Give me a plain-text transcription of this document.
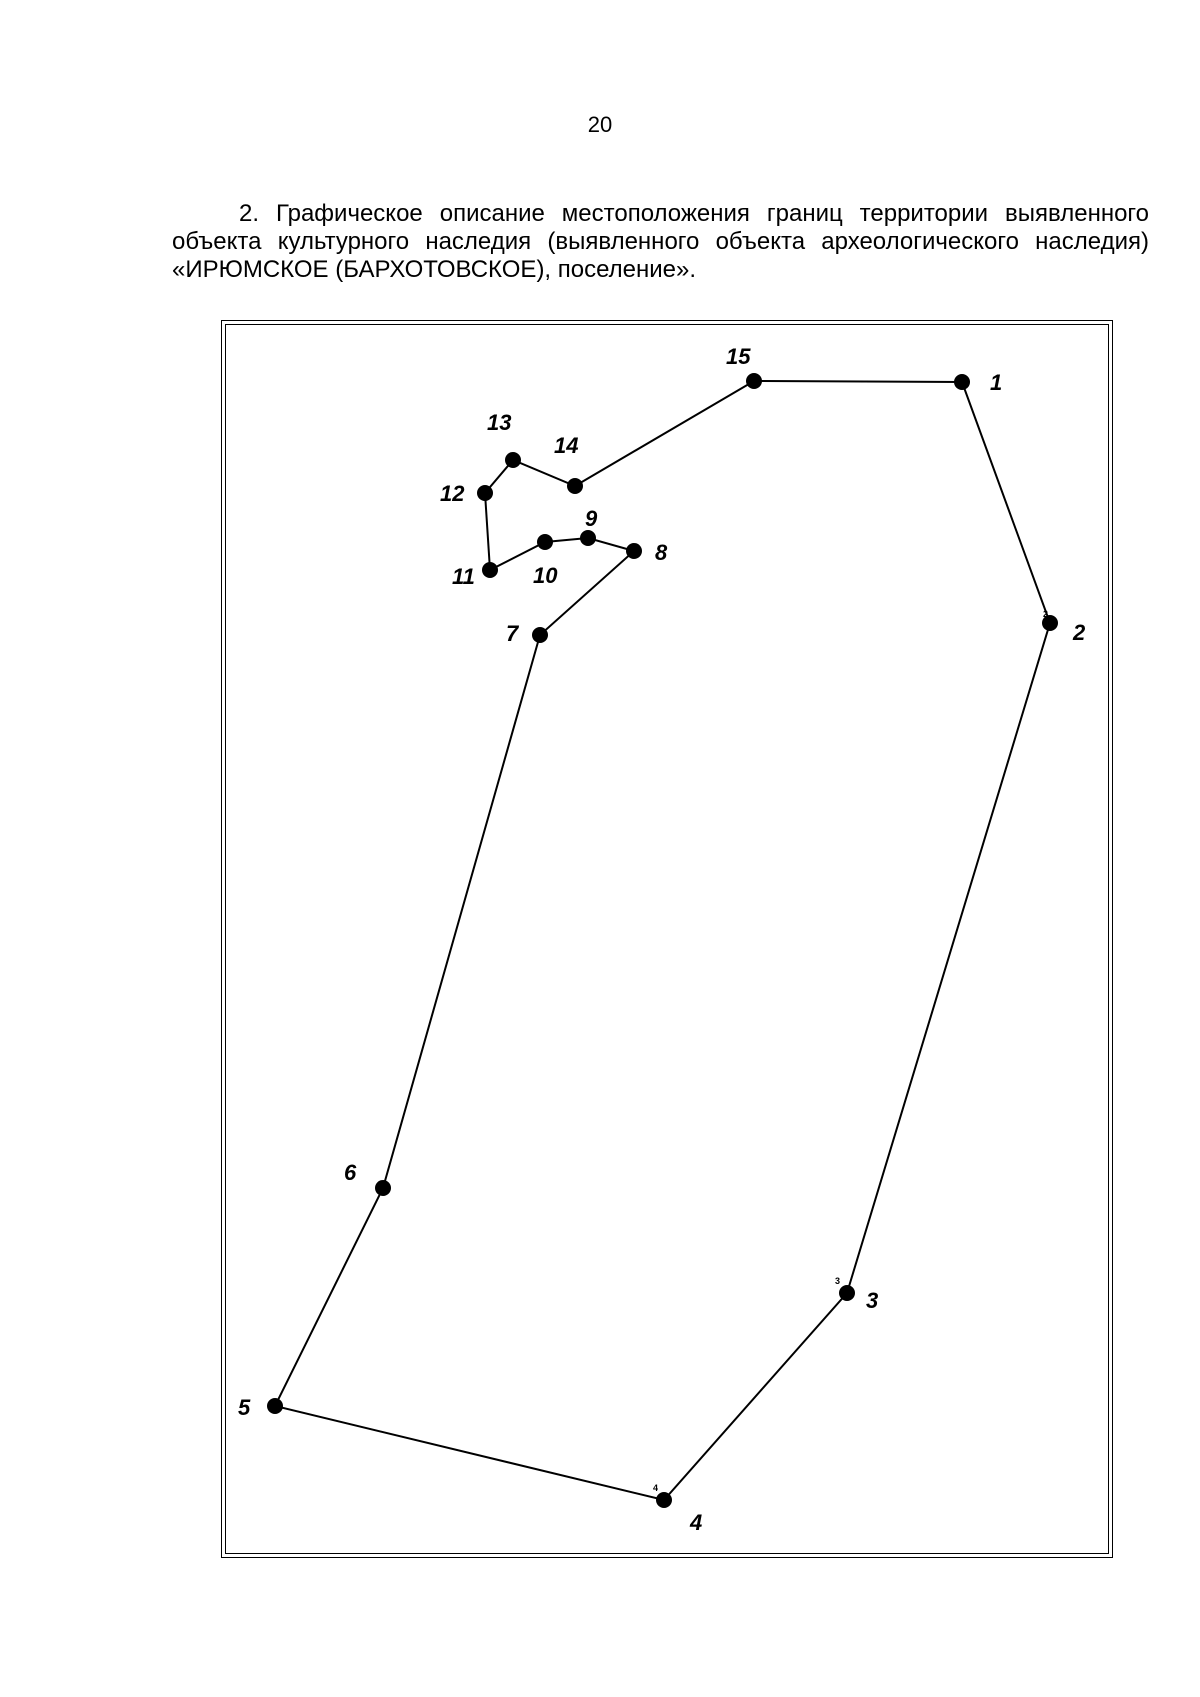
20
2. Графическое описание местоположения границ территории выявленного объекта культурного наследия (выявленного объекта археологического наследия) «ИРЮМСКОЕ (БАРХОТОВСКОЕ), поселение».
1
2
2
3
3
4
4
5
6
7
8
9
10
11
12
13
14
15
